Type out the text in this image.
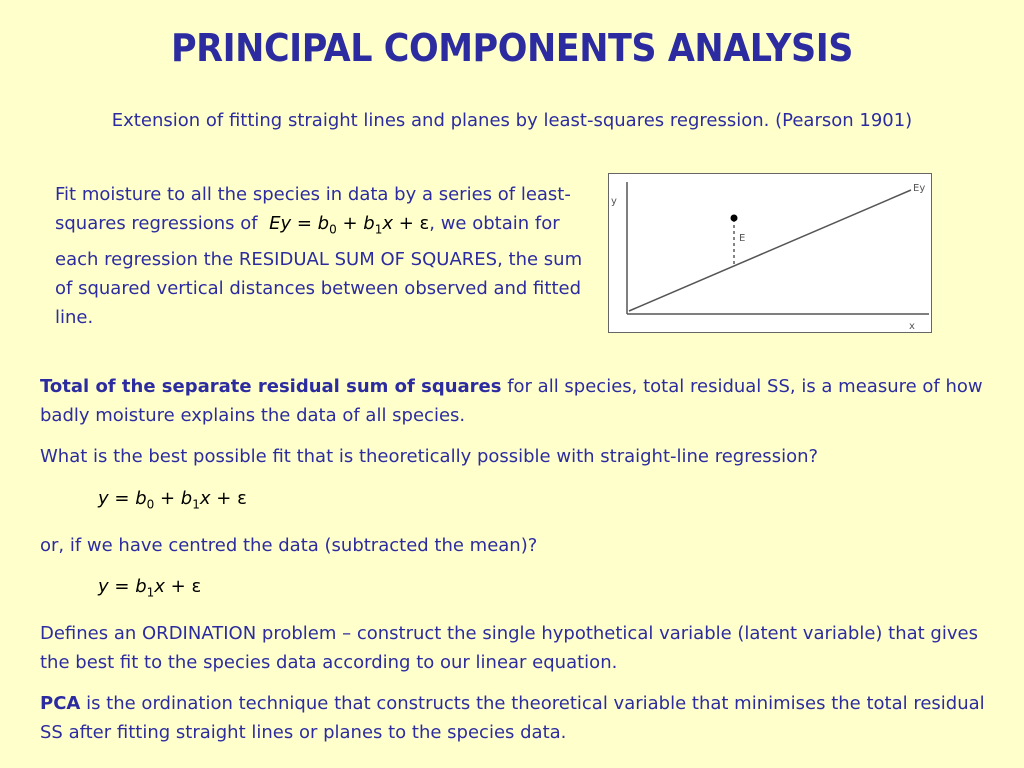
PRINCIPAL COMPONENTS ANALYSIS
Extension of fitting straight lines and planes by least-squares regression. (Pearson 1901)
Fit moisture to all the species in data by a series of least-squares regressions of $Ey = b_0 + b_1x + \varepsilon$, we obtain for each regression the RESIDUAL SUM OF SQUARES, the sum of squared vertical distances between observed and fitted line.
y
x
Ey
E

Total of the separate residual sum of squares for all species, total residual SS, is a measure of how badly moisture explains the data of all species.

What is the best possible fit that is theoretically possible with straight-line regression?

$y = b_0 + b_1x + \varepsilon$

or, if we have centred the data (subtracted the mean)?

$y = b_1x + \varepsilon$

Defines an ORDINATION problem – construct the single hypothetical variable (latent variable) that gives the best fit to the species data according to our linear equation.

PCA is the ordination technique that constructs the theoretical variable that minimises the total residual SS after fitting straight lines or planes to the species data.
